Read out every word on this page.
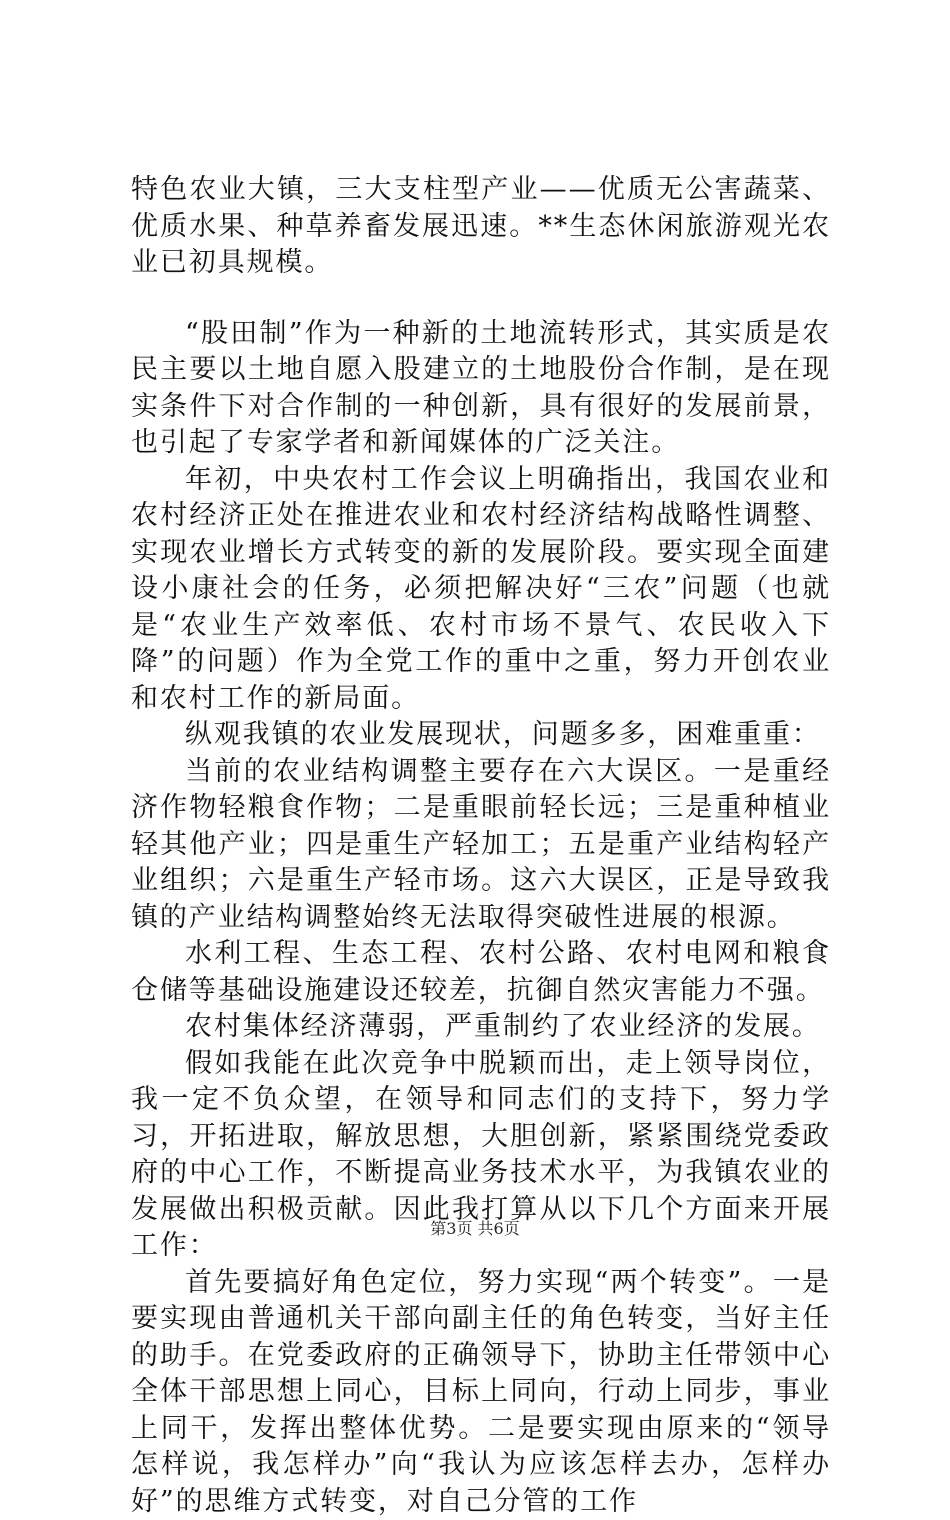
特色农业大镇，三大支柱型产业——优质无公害蔬菜、优质水果、种草养畜发展迅速。**生态休闲旅游观光农业已初具规模。

“股田制”作为一种新的土地流转形式，其实质是农民主要以土地自愿入股建立的土地股份合作制，是在现实条件下对合作制的一种创新，具有很好的发展前景，也引起了专家学者和新闻媒体的广泛关注。

年初，中央农村工作会议上明确指出，我国农业和农村经济正处在推进农业和农村经济结构战略性调整、实现农业增长方式转变的新的发展阶段。要实现全面建设小康社会的任务，必须把解决好“三农”问题（也就是“农业生产效率低、农村市场不景气、农民收入下降”的问题）作为全党工作的重中之重，努力开创农业和农村工作的新局面。

纵观我镇的农业发展现状，问题多多，困难重重：

当前的农业结构调整主要存在六大误区。一是重经济作物轻粮食作物；二是重眼前轻长远；三是重种植业轻其他产业；四是重生产轻加工；五是重产业结构轻产业组织；六是重生产轻市场。这六大误区，正是导致我镇的产业结构调整始终无法取得突破性进展的根源。

水利工程、生态工程、农村公路、农村电网和粮食仓储等基础设施建设还较差，抗御自然灾害能力不强。

农村集体经济薄弱，严重制约了农业经济的发展。

假如我能在此次竞争中脱颖而出，走上领导岗位，我一定不负众望，在领导和同志们的支持下，努力学习，开拓进取，解放思想，大胆创新，紧紧围绕党委政府的中心工作，不断提高业务技术水平，为我镇农业的发展做出积极贡献。因此我打算从以下几个方面来开展工作：

首先要搞好角色定位，努力实现“两个转变”。一是要实现由普通机关干部向副主任的角色转变，当好主任的助手。在党委政府的正确领导下，协助主任带领中心全体干部思想上同心，目标上同向，行动上同步，事业上同干，发挥出整体优势。二是要实现由原来的“领导怎样说，我怎样办”向“我认为应该怎样去办，怎样办好”的思维方式转变，对自己分管的工作

第3页 共6页
